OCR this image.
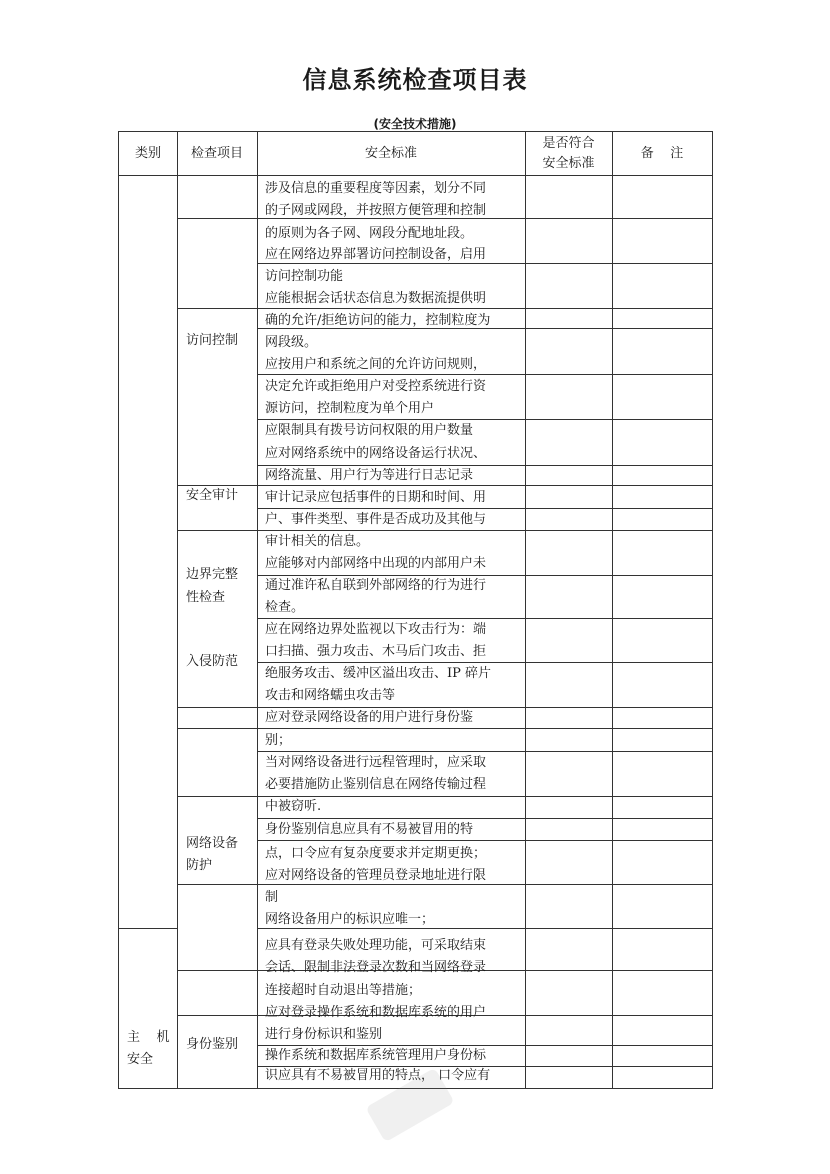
信息系统检查项目表
(安全技术措施)
类别	检查项目	安全标准
是否符合
安全标准
备    注
访问控制
安全审计
边界完整
性检查
入侵防范
网络设备
防护
身份鉴别
主    机
安全
涉及信息的重要程度等因素，划分不同
的子网或网段，并按照方便管理和控制
的原则为各子网、网段分配地址段。
应在网络边界部署访问控制设备，启用
访问控制功能
应能根据会话状态信息为数据流提供明
确的允许/拒绝访问的能力，控制粒度为
网段级。
应按用户和系统之间的允许访问规则，
决定允许或拒绝用户对受控系统进行资
源访问，控制粒度为单个用户
应限制具有拨号访问权限的用户数量
应对网络系统中的网络设备运行状况、
网络流量、用户行为等进行日志记录
审计记录应包括事件的日期和时间、用
户、事件类型、事件是否成功及其他与
审计相关的信息。
应能够对内部网络中出现的内部用户未
通过准许私自联到外部网络的行为进行
检查。
应在网络边界处监视以下攻击行为：端
口扫描、强力攻击、木马后门攻击、拒
绝服务攻击、缓冲区溢出攻击、IP 碎片
攻击和网络蠕虫攻击等
应对登录网络设备的用户进行身份鉴
别；
当对网络设备进行远程管理时，应采取
必要措施防止鉴别信息在网络传输过程
中被窃听.
身份鉴别信息应具有不易被冒用的特
点，口令应有复杂度要求并定期更换；
应对网络设备的管理员登录地址进行限
制
网络设备用户的标识应唯一；
应具有登录失败处理功能，可采取结束
会话、限制非法登录次数和当网络登录
连接超时自动退出等措施；
应对登录操作系统和数据库系统的用户
进行身份标识和鉴别
操作系统和数据库系统管理用户身份标
识应具有不易被冒用的特点， 口令应有
